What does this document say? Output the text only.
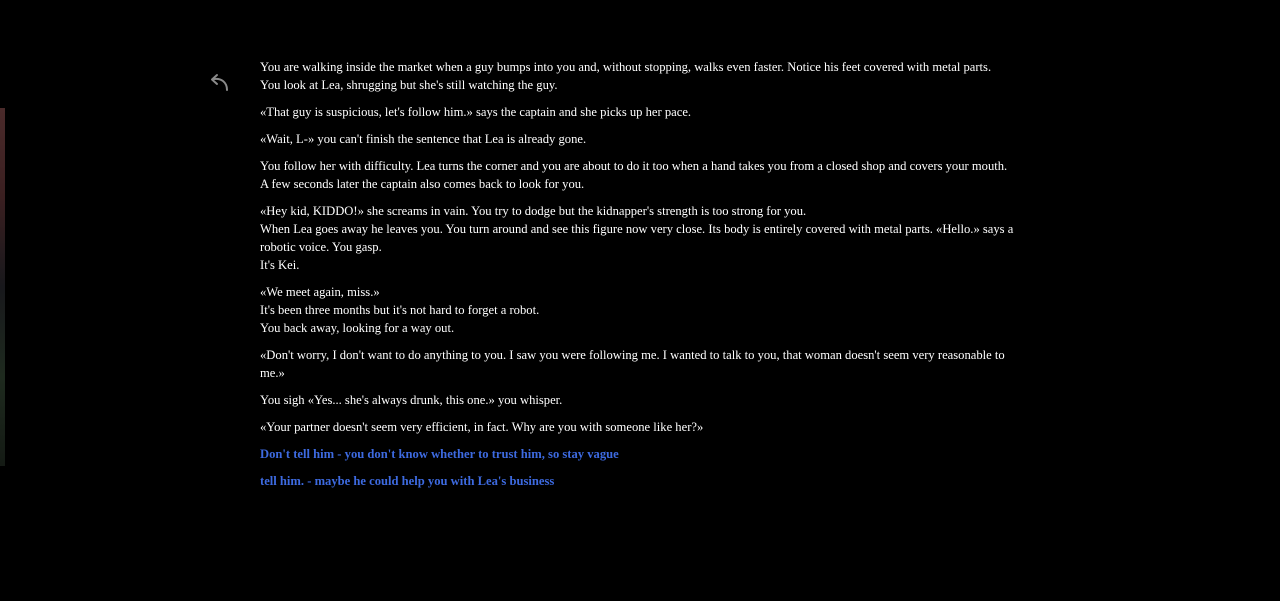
You are walking inside the market when a guy bumps into you and, without stopping, walks even faster. Notice his feet covered with metal parts.
You look at Lea, shrugging but she's still watching the guy.

«That guy is suspicious, let's follow him.» says the captain and she picks up her pace.

«Wait, L-» you can't finish the sentence that Lea is already gone.

You follow her with difficulty. Lea turns the corner and you are about to do it too when a hand takes you from a closed shop and covers your mouth.
A few seconds later the captain also comes back to look for you.

«Hey kid, KIDDO!» she screams in vain. You try to dodge but the kidnapper's strength is too strong for you.
When Lea goes away he leaves you. You turn around and see this figure now very close. Its body is entirely covered with metal parts. «Hello.» says a robotic voice. You gasp.
It's Kei.

«We meet again, miss.»
It's been three months but it's not hard to forget a robot.
You back away, looking for a way out.

«Don't worry, I don't want to do anything to you. I saw you were following me. I wanted to talk to you, that woman doesn't seem very reasonable to me.»

You sigh «Yes... she's always drunk, this one.» you whisper.

«Your partner doesn't seem very efficient, in fact. Why are you with someone like her?»

Don't tell him - you don't know whether to trust him, so stay vague
tell him. - maybe he could help you with Lea's business
